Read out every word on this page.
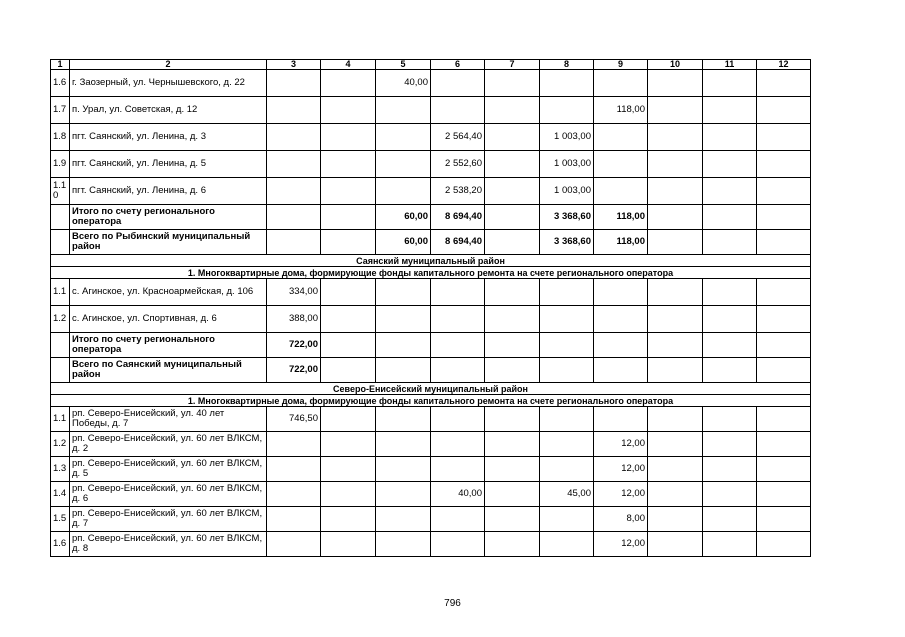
1	2	3	4	5	6	7	8	9	10	11	12
1.6	г. Заозерный, ул. Чернышевского, д. 22			40,00							
1.7	п. Урал, ул. Советская, д. 12							118,00			
1.8	пгт. Саянский, ул. Ленина, д. 3				2 564,40		1 003,00				
1.9	пгт. Саянский, ул. Ленина, д. 5				2 552,60		1 003,00				
1.1 0	пгт. Саянский, ул. Ленина, д. 6				2 538,20		1 003,00				
	Итого по счету регионального оператора			60,00	8 694,40		3 368,60	118,00			
	Всего по Рыбинский муниципальный район			60,00	8 694,40		3 368,60	118,00			
Саянский муниципальный район											
1. Многоквартирные дома, формирующие фонды капитального ремонта на счете регионального оператора											
1.1	с. Агинское, ул. Красноармейская, д. 106	334,00									
1.2	с. Агинское, ул. Спортивная, д. 6	388,00									
	Итого по счету регионального оператора	722,00									
	Всего по Саянский муниципальный район	722,00									
Северо-Енисейский муниципальный район											
1. Многоквартирные дома, формирующие фонды капитального ремонта на счете регионального оператора											
1.1	рп. Северо-Енисейский, ул. 40 лет Победы, д. 7	746,50									
1.2	рп. Северо-Енисейский, ул. 60 лет ВЛКСМ, д. 2							12,00			
1.3	рп. Северо-Енисейский, ул. 60 лет ВЛКСМ, д. 5							12,00			
1.4	рп. Северо-Енисейский, ул. 60 лет ВЛКСМ, д. 6				40,00		45,00	12,00			
1.5	рп. Северо-Енисейский, ул. 60 лет ВЛКСМ, д. 7							8,00			
1.6	рп. Северо-Енисейский, ул. 60 лет ВЛКСМ, д. 8							12,00			
796
